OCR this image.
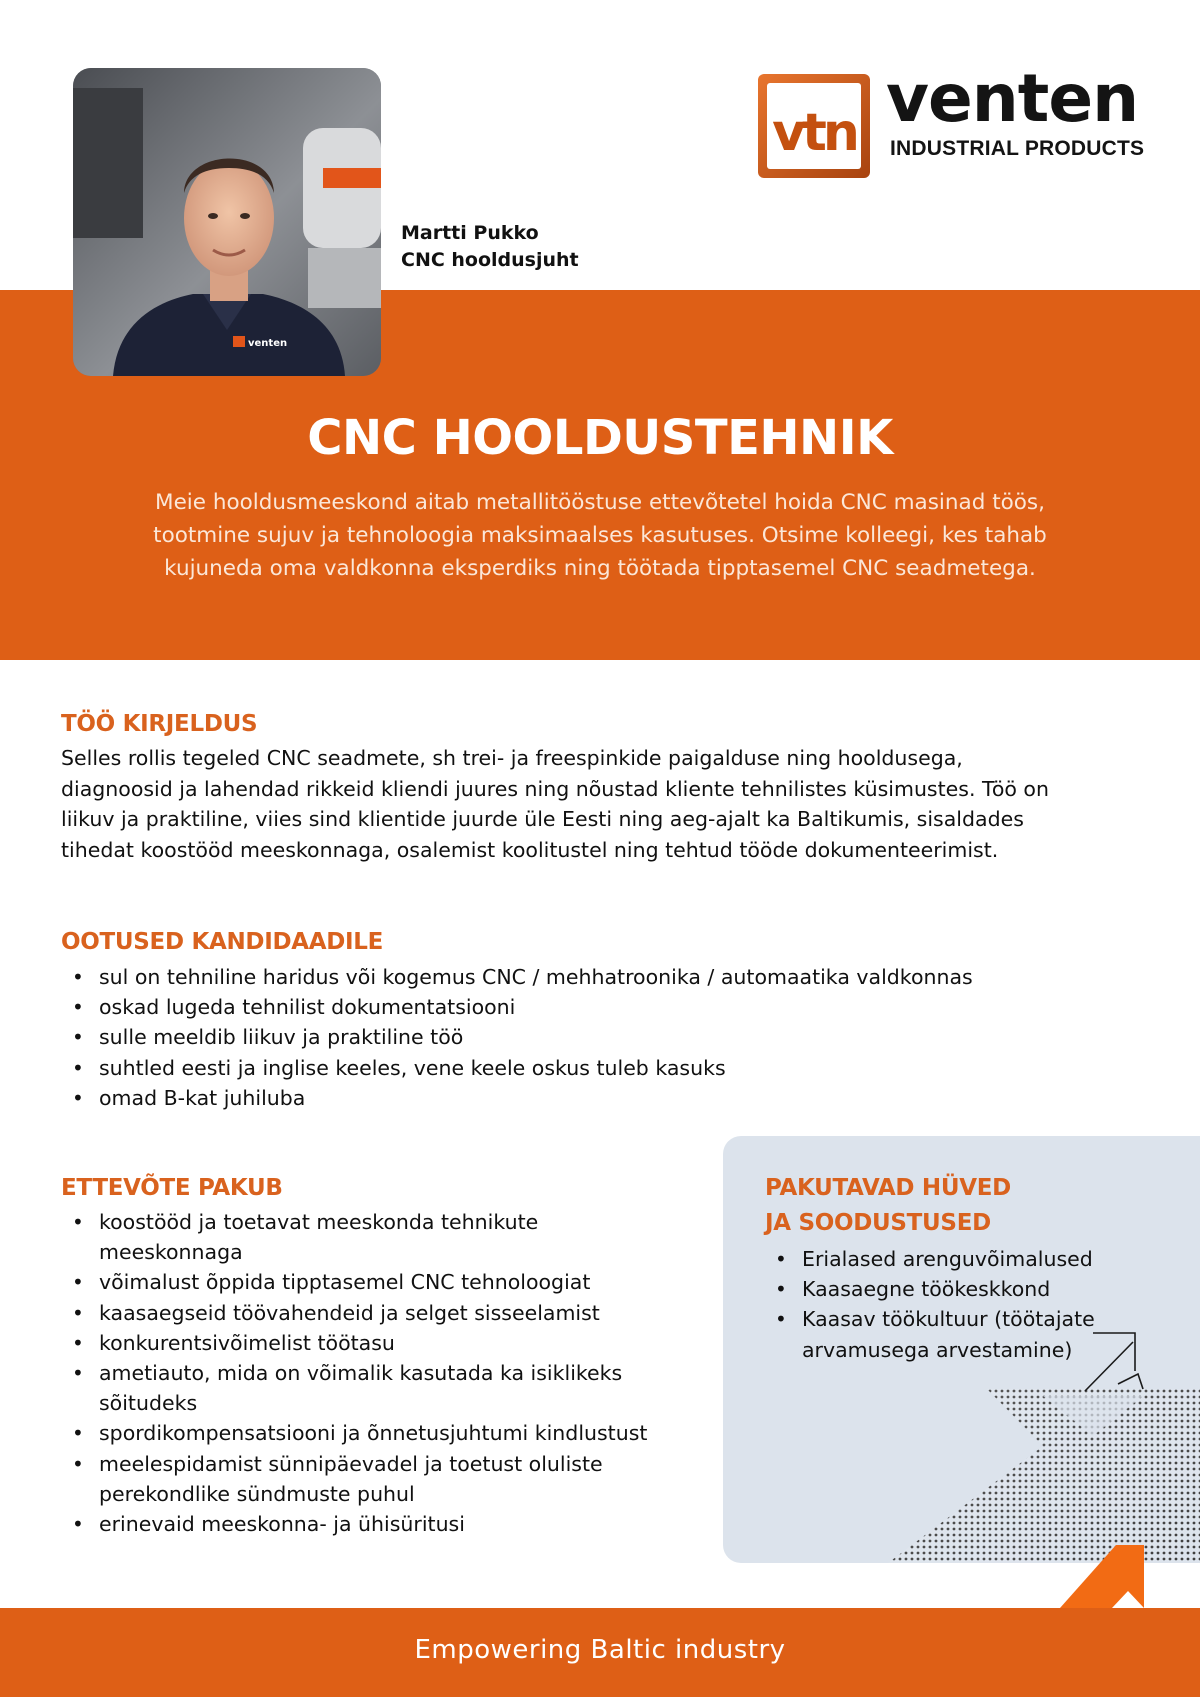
venten
Martti Pukko
CNC hooldusjuht
vtn venten
INDUSTRIAL PRODUCTS
CNC HOOLDUSTEHNIK

Meie hooldusmeeskond aitab metallitööstuse ettevõtetel hoida CNC masinad töös, tootmine sujuv ja tehnoloogia maksimaalses kasutuses. Otsime kolleegi, kes tahab kujuneda oma valdkonna eksperdiks ning töötada tipptasemel CNC seadmetega.

TÖÖ KIRJELDUS

Selles rollis tegeled CNC seadmete, sh trei- ja freespinkide paigalduse ning hooldusega, diagnoosid ja lahendad rikkeid kliendi juures ning nõustad kliente tehnilistes küsimustes. Töö on liikuv ja praktiline, viies sind klientide juurde üle Eesti ning aeg-ajalt ka Baltikumis, sisaldades tihedat koostööd meeskonnaga, osalemist koolitustel ning tehtud tööde dokumenteerimist.

OOTUSED KANDIDAADILE
• sul on tehniline haridus või kogemus CNC / mehhatroonika / automaatika valdkonnas
• oskad lugeda tehnilist dokumentatsiooni
• sulle meeldib liikuv ja praktiline töö
• suhtled eesti ja inglise keeles, vene keele oskus tuleb kasuks
• omad B-kat juhiluba
PAKUTAVAD HÜVED
JA SOODUSTUSED
• Erialased arenguvõimalused
• Kaasaegne töökeskkond
• Kaasav töökultuur (töötajate arvamusega arvestamine)
ETTEVÕTE PAKUB
• koostööd ja toetavat meeskonda tehnikute meeskonnaga
• võimalust õppida tipptasemel CNC tehnoloogiat
• kaasaegseid töövahendeid ja selget sisseelamist
• konkurentsivõimelist töötasu
• ametiauto, mida on võimalik kasutada ka isiklikeks sõitudeks
• spordikompensatsiooni ja õnnetusjuhtumi kindlustust
• meelespidamist sünnipäevadel ja toetust oluliste perekondlike sündmuste puhul
• erinevaid meeskonna- ja ühisüritusi
Empowering Baltic industry
